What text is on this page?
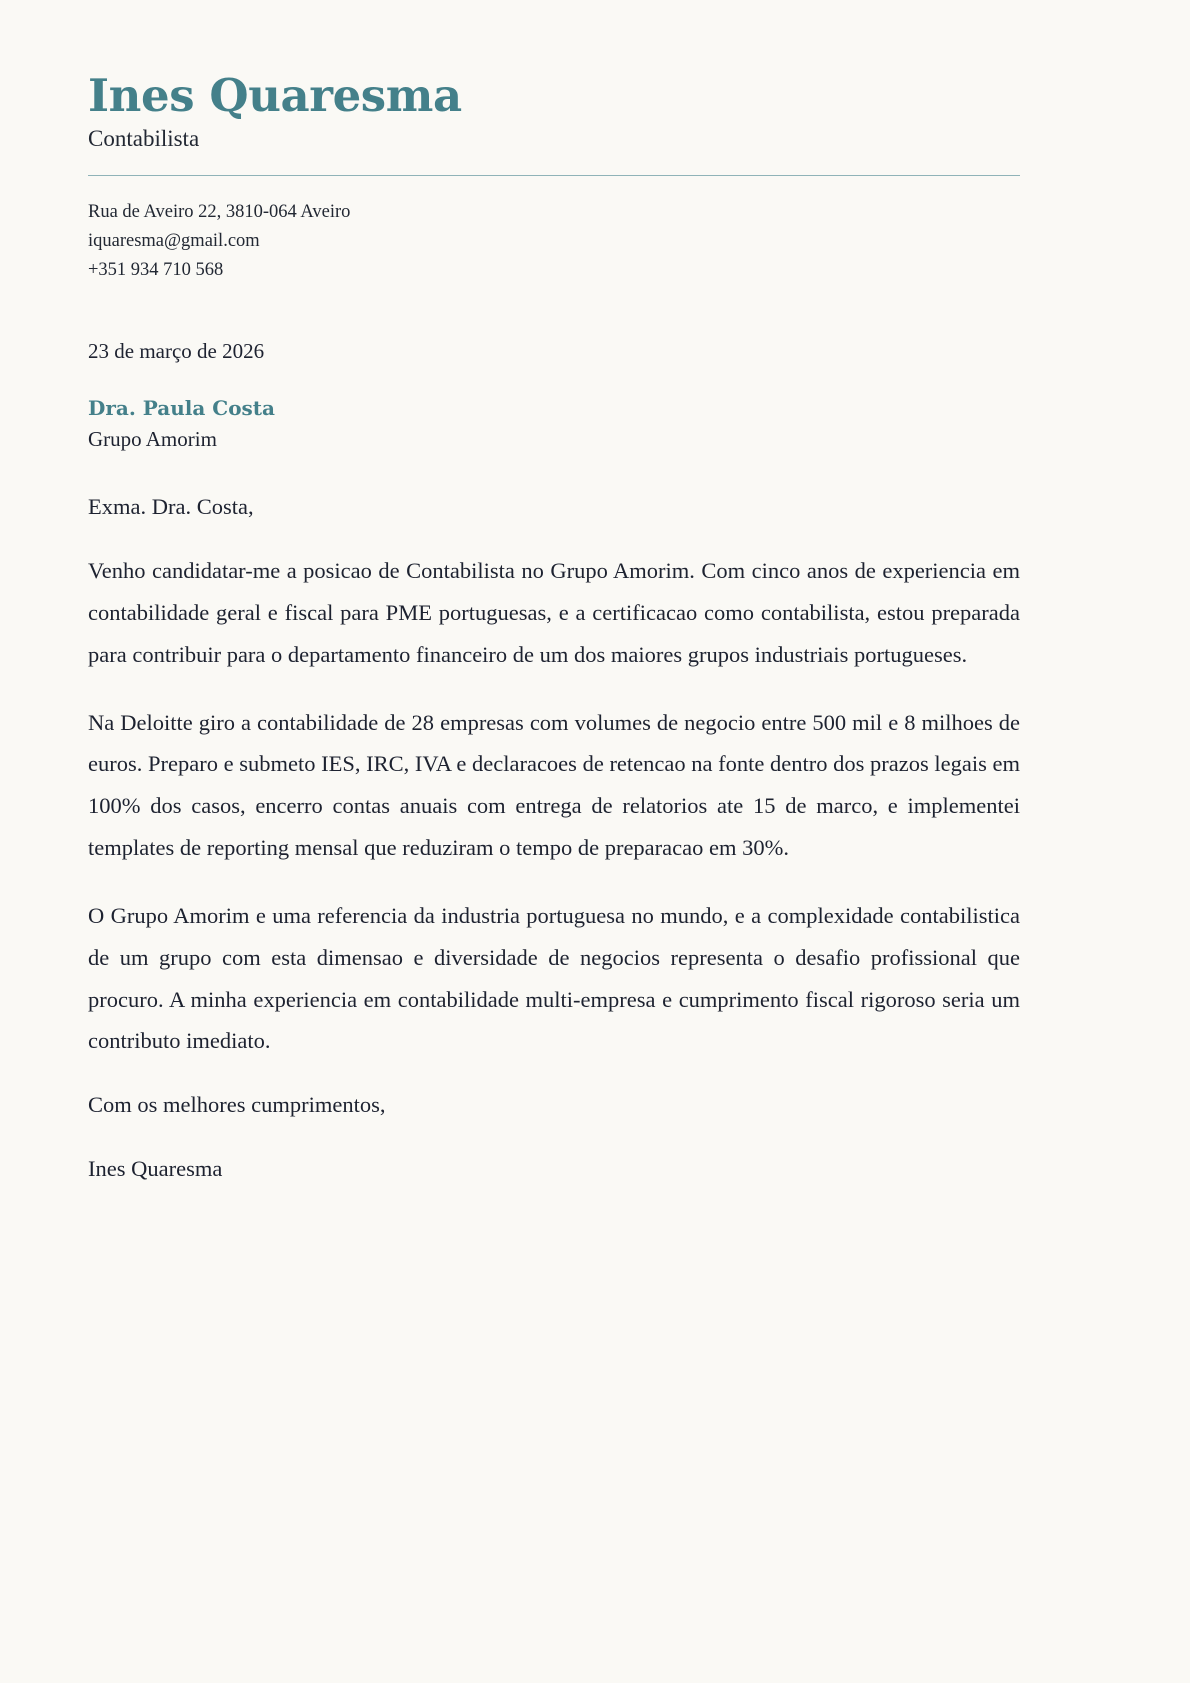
Ines Quaresma
Contabilista
Rua de Aveiro 22, 3810-064 Aveiro
iquaresma@gmail.com
+351 934 710 568
23 de março de 2026
Dra. Paula Costa
Grupo Amorim
Exma. Dra. Costa,

Venho candidatar-me a posicao de Contabilista no Grupo Amorim. Com cinco anos de experiencia em contabilidade geral e fiscal para PME portuguesas, e a certificacao como contabilista, estou preparada para contribuir para o departamento financeiro de um dos maiores grupos industriais portugueses.

Na Deloitte giro a contabilidade de 28 empresas com volumes de negocio entre 500 mil e 8 milhoes de euros. Preparo e submeto IES, IRC, IVA e declaracoes de retencao na fonte dentro dos prazos legais em 100% dos casos, encerro contas anuais com entrega de relatorios ate 15 de marco, e implementei templates de reporting mensal que reduziram o tempo de preparacao em 30%.

O Grupo Amorim e uma referencia da industria portuguesa no mundo, e a complexidade contabilistica de um grupo com esta dimensao e diversidade de negocios representa o desafio profissional que procuro. A minha experiencia em contabilidade multi-empresa e cumprimento fiscal rigoroso seria um contributo imediato.

Com os melhores cumprimentos,
Ines Quaresma
